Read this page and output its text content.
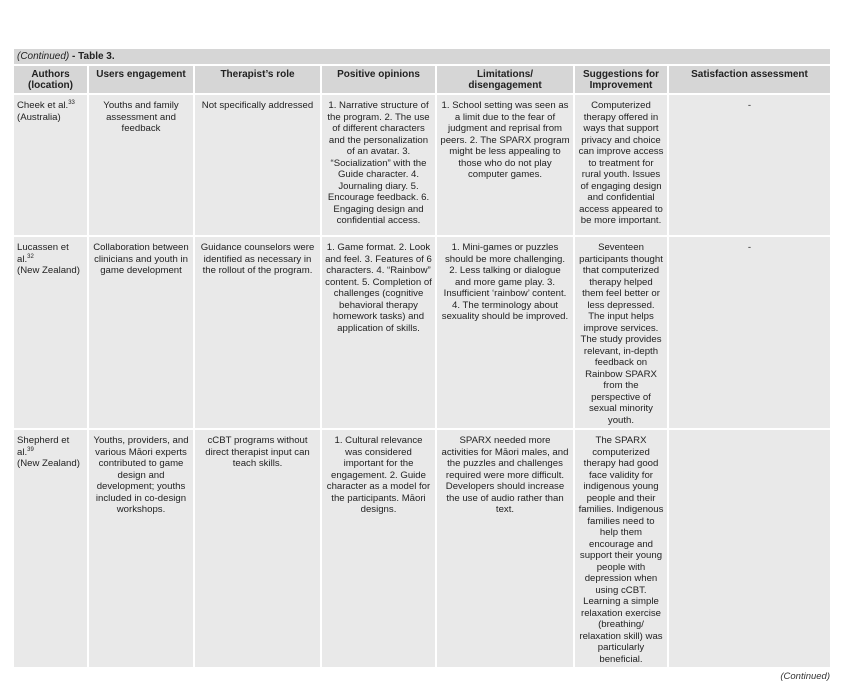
(Continued) - Table 3.
Authors (location)	Users engagement	Therapist’s role	Positive opinions	Limitations/ disengagement	Suggestions for Improvement	Satisfaction assessment
Cheek et al.$^{33}$
(Australia)	Youths and family assessment and feedback	Not specifically addressed	1. Narrative structure of the program. 2. The use of different characters and the personalization of an avatar. 3. “Socialization” with the Guide character. 4. Journaling diary. 5. Encourage feedback. 6. Engaging design and confidential access.	1. School setting was seen as a limit due to the fear of judgment and reprisal from peers. 2. The SPARX program might be less appealing to those who do not play computer games.	Computerized therapy offered in ways that support privacy and choice can improve access to treatment for rural youth. Issues of engaging design and confidential access appeared to be more important.	-
Lucassen et al.$^{32}$
(New Zealand)	Collaboration between clinicians and youth in game development	Guidance counselors were identified as necessary in the rollout of the program.	1. Game format. 2. Look and feel. 3. Features of 6 characters. 4. “Rainbow” content. 5. Completion of challenges (cognitive behavioral therapy homework tasks) and application of skills.	1. Mini-games or puzzles should be more challenging. 2. Less talking or dialogue and more game play. 3. Insufficient ‘rainbow’ content. 4. The terminology about sexuality should be improved.	Seventeen participants thought that computerized therapy helped them feel better or less depressed. The input helps improve services. The study provides relevant, in-depth feedback on Rainbow SPARX from the perspective of sexual minority youth.	-
Shepherd et al.$^{39}$
(New Zealand)	Youths, providers, and various Māori experts contributed to game design and development; youths included in co-design workshops.	cCBT programs without direct therapist input can teach skills.	1. Cultural relevance was considered important for the engagement. 2. Guide character as a model for the participants. Māori designs.	SPARX needed more activities for Māori males, and the puzzles and challenges required were more difficult. Developers should increase the use of audio rather than text.	The SPARX computerized therapy had good face validity for indigenous young people and their families. Indigenous families need to help them encourage and support their young people with depression when using cCBT. Learning a simple relaxation exercise (breathing/ relaxation skill) was particularly beneficial.	
(Continued)
